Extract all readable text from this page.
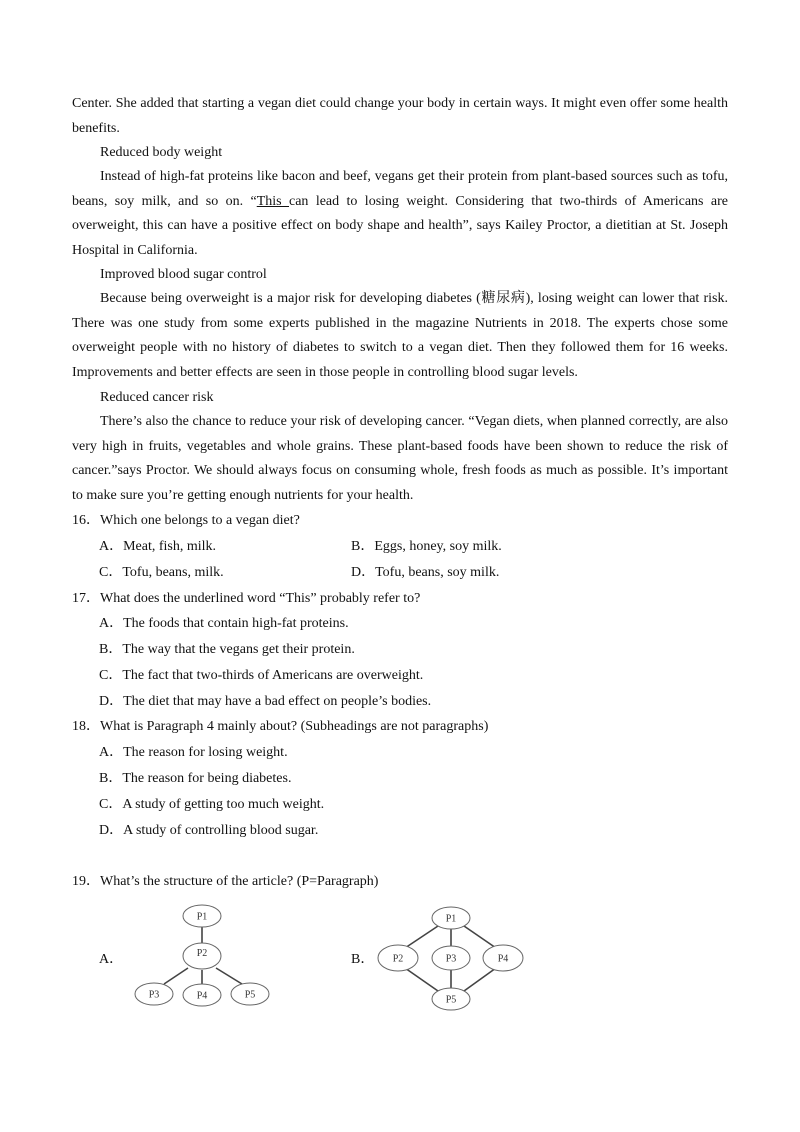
Center. She added that starting a vegan diet could change your body in certain ways. It might even offer some health benefits.

Reduced body weight

Instead of high-fat proteins like bacon and beef, vegans get their protein from plant-based sources such as tofu, beans, soy milk, and so on. “This can lead to losing weight. Considering that two-thirds of Americans are overweight, this can have a positive effect on body shape and health”, says Kailey Proctor, a dietitian at St. Joseph Hospital in California.

Improved blood sugar control

Because being overweight is a major risk for developing diabetes (糖尿病), losing weight can lower that risk. There was one study from some experts published in the magazine Nutrients in 2018. The experts chose some overweight people with no history of diabetes to switch to a vegan diet. Then they followed them for 16 weeks. Improvements and better effects are seen in those people in controlling blood sugar levels.

Reduced cancer risk

There’s also the chance to reduce your risk of developing cancer. “Vegan diets, when planned correctly, are also very high in fruits, vegetables and whole grains. These plant-based foods have been shown to reduce the risk of cancer.”says Proctor. We should always focus on consuming whole, fresh foods as much as possible. It’s important to make sure you’re getting enough nutrients for your health.

16．Which one belongs to a vegan diet?

A．Meat, fish, milk.	B．Eggs, honey, soy milk.

C．Tofu, beans, milk.	D．Tofu, beans, soy milk.

17．What does the underlined word “This” probably refer to?

A．The foods that contain high-fat proteins.

B．The way that the vegans get their protein.

C．The fact that two-thirds of Americans are overweight.

D．The diet that may have a bad effect on people’s bodies.

18．What is Paragraph 4 mainly about? (Subheadings are not paragraphs)

A．The reason for losing weight.

B．The reason for being diabetes.

C．A study of getting too much weight.

D．A study of controlling blood sugar.

19．What’s the structure of the article? (P=Paragraph)

A．	B．

P1
P2
P3	P4	P5
P1
P2	P3	P4
P5
